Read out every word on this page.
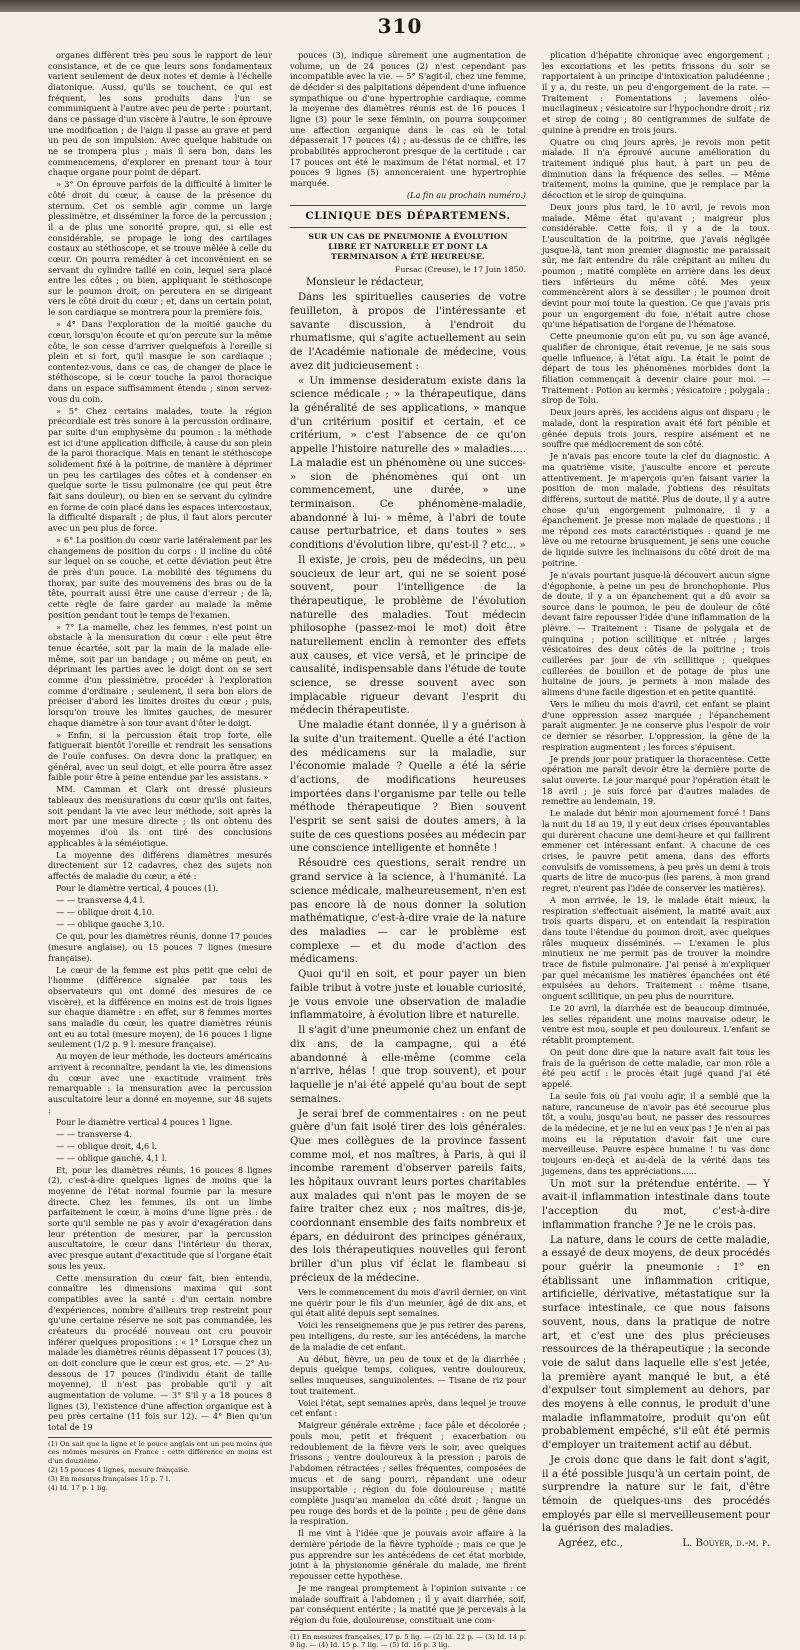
310

organes diffèrent très peu sous le rapport de leur consistance, et de ce que leurs sons fondamentaux varient seulement de deux notes et demie à l'échelle diatonique. Aussi, qu'ils se touchent, ce qui est fréquent, les sons produits dans l'un se communiquent à l'autre avec peu de perte : pourtant, dans ce passage d'un viscère à l'autre, le son éprouve une modification ; de l'aigu il passe au grave et perd un peu de son impulsion. Avec quelque habitude on ne se trompera plus ; mais il sera bon, dans les commencemens, d'explorer en prenant tour à tour chaque organe pour point de départ.

» 3° On éprouve parfois de la difficulté à limiter le côté droit du cœur, à cause de la présence du sternum. Cet os semble agir comme un large plessimètre, et disséminer la force de la percussion ; il a de plus une sonorité propre, qui, si elle est considérable, se propage le long des cartilages costaux au stéthoscope, et se trouve mêlée à celle du cœur. On pourra remédier à cet inconvénient en se servant du cylindre taillé en coin, lequel sera placé entre les côtes ; ou bien, appliquant le stéthoscope sur le poumon droit, on percutera en se dirigeant vers le côté droit du cœur ; et, dans un certain point, le son cardiaque se montrera pour la première fois.

» 4° Dans l'exploration de la moitié gauche du cœur, lorsqu'on écoute et qu'on percute sur la même côte, le son cesse d'arriver quelquefois à l'oreille si plein et si fort, qu'il masque le son cardiaque ; contentez-vous, dans ce cas, de changer de place le stéthoscope, si le cœur touche la paroi thoracique dans un espace suffisamment étendu ; sinon servez-vous du coin.

» 5° Chez certains malades, toute la région précordiale est très sonore à la percussion ordinaire, par suite d'un emphysème du poumon : la méthode est ici d'une application difficile, à cause du son plein de la paroi thoracique. Mais en tenant le stéthoscope solidement fixé à la poitrine, de manière à déprimer un peu les cartilages des côtes et à condenser en quelque sorte le tissu pulmonaire (ce qui peut être fait sans douleur), ou bien en se servant du cylindre en forme de coin placé dans les espaces intercostaux, la difficulté disparaît ; de plus, il faut alors percuter avec un peu plus de force.

» 6° La position du cœur varie latéralement par les changemens de position du corps : il incline du côté sur lequel on se couche, et cette déviation peut être de près d'un pouce. La mobilité des tégumens du thorax, par suite des mouvemens des bras ou de la tête, pourrait aussi être une cause d'erreur ; de là, cette règle de faire garder au malade la même position pendant tout le temps de l'examen.

» 7° La mamelle, chez les femmes, n'est point un obstacle à la mensuration du cœur : elle peut être tenue écartée, soit par la main de la malade elle-même, soit par un bandage ; ou même on peut, en déprimant les parties avec le doigt dont on se sert comme d'un plessimètre, procéder à l'exploration comme d'ordinaire ; seulement, il sera bon alors de préciser d'abord les limites droites du cœur ; puis, lorsqu'on trouve les limites gauches, de mesurer chaque diamètre à son tour avant d'ôter le doigt.

» Enfin, si la percussion était trop forte, elle fatiguerait bientôt l'oreille et rendrait les sensations de l'ouïe confuses. On devra donc la pratiquer, en général, avec un seul doigt, et elle pourra être assez faible pour être à peine entendue par les assistans. »

MM. Camman et Clark ont dressé plusieurs tableaux des mensurations du cœur qu'ils ont faites, soit pendant la vie avec leur méthode, soit après la mort par une mesure directe ; ils ont obtenu des moyennes d'où ils ont tiré des conclusions applicables à la séméiotique.

La moyenne des différens diamètres mesurés directement sur 12 cadavres, chez des sujets non affectés de maladie du cœur, a été :

Pour le diamètre vertical, 4 pouces (1).

— — transverse 4,4 l.

— — oblique droit 4,10.

— — oblique gauche 3,10.

Ce qui, pour les diamètres réunis, donne 17 pouces (mesure anglaise), ou 15 pouces 7 lignes (mesure française).

Le cœur de la femme est plus petit que celui de l'homme (différence signalée par tous les observateurs qui ont donné des mesures de ce viscère), et la différence en moins est de trois lignes sur chaque diamètre : en effet, sur 8 femmes mortes sans maladie du cœur, les quatre diamètres réunis ont eu au total (mesure moyen), de 16 pouces 1 ligne seulement (1/2 p. 9 l. mesure française).

Au moyen de leur méthode, les docteurs américains arrivent à reconnaître, pendant la vie, les dimensions du cœur avec une exactitude vraiment très remarquable : la mensuration avec la percussion auscultatoire leur a donné en moyenne, sur 48 sujets :

Pour le diamètre vertical 4 pouces 1 ligne.

— — transverse 4.

— — oblique droit, 4,6 l.

— — oblique gauche, 4,1 l.

Et, pour les diamètres réunis, 16 pouces 8 lignes (2), c'est-à-dire quelques lignes de moins que la moyenne de l'état normal fournie par la mesure directe. Chez les femmes, ils ont un limbe parfaitement le cœur, à moins d'une ligne près : de sorte qu'il semble ne pas y avoir d'exagération dans leur prétention de mesurer, par la percussion auscultatoire, le cœur dans l'intérieur du thorax, avec presque autant d'exactitude que si l'organe était sous les yeux.

Cette mensuration du cœur fait, bien entendu, connaître les dimensions maxima qui sont compatibles avec la santé : d'un certain nombre d'expériences, nombre d'ailleurs trop restreint pour qu'une certaine réserve ne soit pas commandée, les créateurs du procédé nouveau ont cru pouvoir inférer quelques propositions : « 1° Lorsque chez un malade les diamètres réunis dépassent 17 pouces (3), on doit conclure que le cœur est gros, etc. — 2° Au-dessous de 17 pouces (l'individu étant de taille moyenne), il n'est pas probable qu'il y ait augmentation de volume. — 3° S'il y a 18 pouces 8 lignes (3), l'existence d'une affection organique est à peu près certaine (11 fois sur 12). — 4° Bien qu'un total de 19

(1) On sait que la ligne et le pouce anglais ont un peu moins que ces mêmes mesures en France : cette différence en moins est d'un douzième.

(2) 15 pouces 4 lignes, mesure française.

(3) En mesures françaises 15 p. 7 l.

(4) Id. 17 p. 1 lig.

pouces (3), indique sûrement une augmentation de volume, un de 24 pouces (2) n'est cependant pas incompatible avec la vie. — 5° S'agit-il, chez une femme, de décider si des palpitations dépendent d'une influence sympathique ou d'une hypertrophie cardiaque, comme la moyenne des diamètres réunis est de 16 pouces 1 ligne (3) pour le sexe féminin, on pourra soupçonner une affection organique dans le cas où le total dépasserait 17 pouces (4) ; au-dessus de ce chiffre, les probabilités approcheront presque de la certitude ; car 17 pouces ont été le maximum de l'état normal, et 17 pouces 9 lignes (5) annonceraient une hypertrophie marquée.

(La fin au prochain numéro.)

CLINIQUE DES DÉPARTEMENS.
SUR UN CAS DE PNEUMONIE A ÉVOLUTION LIBRE ET NATURELLE ET DONT LA TERMINAISON A ÉTÉ HEUREUSE.

Fursac (Creuse), le 17 Juin 1850.

Monsieur le rédacteur,

Dans les spirituelles causeries de votre feuilleton, à propos de l'intéressante et savante discussion, à l'endroit du rhumatisme, qui s'agite actuellement au sein de l'Académie nationale de médecine, vous avez dit judicieusement :

« Un immense desideratum existe dans la science médicale ; » la thérapeutique, dans la généralité de ses applications, » manque d'un critérium positif et certain, et ce critérium, » c'est l'absence de ce qu'on appelle l'histoire naturelle des » maladies..... La maladie est un phénomène ou une succes- » sion de phénomènes qui ont un commencement, une durée, » une terminaison. Ce phénomène-maladie, abandonné à lui- » même, à l'abri de toute cause perturbatrice, et dans toutes » ses conditions d'évolution libre, qu'est-il ? etc... »

Il existe, je crois, peu de médecins, un peu soucieux de leur art, qui ne se soient posé souvent, pour l'intelligence de la thérapeutique, le problème de l'évolution naturelle des maladies. Tout médecin philosophe (passez-moi le mot) doit être naturellement enclin à remonter des effets aux causes, et vice versâ, et le principe de causalité, indispensable dans l'étude de toute science, se dresse souvent avec son implacable rigueur devant l'esprit du médecin thérapeutiste.

Une maladie étant donnée, il y a guérison à la suite d'un traitement. Quelle a été l'action des médicamens sur la maladie, sur l'économie malade ? Quelle a été la série d'actions, de modifications heureuses importées dans l'organisme par telle ou telle méthode thérapeutique ? Bien souvent l'esprit se sent saisi de doutes amers, à la suite de ces questions posées au médecin par une conscience intelligente et honnête !

Résoudre ces questions, serait rendre un grand service à la science, à l'humanité. La science médicale, malheureusement, n'en est pas encore là de nous donner la solution mathématique, c'est-à-dire vraie de la nature des maladies — car le problème est complexe — et du mode d'action des médicamens.

Quoi qu'il en soit, et pour payer un bien faible tribut à votre juste et louable curiosité, je vous envoie une observation de maladie inflammatoire, à évolution libre et naturelle.

Il s'agit d'une pneumonie chez un enfant de dix ans, de la campagne, qui a été abandonné à elle-même (comme cela n'arrive, hélas ! que trop souvent), et pour laquelle je n'ai été appelé qu'au bout de sept semaines.

Je serai bref de commentaires : on ne peut guère d'un fait isolé tirer des lois générales. Que mes collègues de la province fassent comme moi, et nos maîtres, à Paris, à qui il incombe rarement d'observer pareils faits, les hôpitaux ouvrant leurs portes charitables aux malades qui n'ont pas le moyen de se faire traiter chez eux ; nos maîtres, dis-je, coordonnant ensemble des faits nombreux et épars, en déduiront des principes généraux, des lois thérapeutiques nouvelles qui feront briller d'un plus vif éclat le flambeau si précieux de la médecine.

Vers le commencement du mois d'avril dernier, on vint me quérir pour le fils d'un meunier, âgé de dix ans, et qui était alité depuis sept semaines.

Voici les renseignemens que je pus retirer des parens, peu intelligens, du reste, sur les antécédens, la marche de la maladie de cet enfant.

Au début, fièvre, un peu de toux et de la diarrhée ; depuis quelque temps, coliques, ventre douloureux, selles muqueuses, sanguinolentes. — Tisane de riz pour tout traitement.

Voici l'état, sept semaines après, dans lequel je trouve cet enfant :

Maigreur générale extrême ; face pâle et décolorée ; pouls mou, petit et fréquent ; exacerbation ou redoublement de la fièvre vers le soir, avec quelques frissons ; ventre douloureux à la pression ; parois de l'abdomen rétractées ; selles fréquentes, composées de mucus et de sang pourri, répandant une odeur insupportable ; région du foie douloureuse ; matité complète jusqu'au mamelon du côté droit ; langue un peu rouge des bords et de la pointe ; peu de gêne dans la respiration.

Il me vint à l'idée que je pouvais avoir affaire à la dernière période de la fièvre typhoïde ; mais ce que je pus apprendre sur les antécédens de cet état morbide, joint à la physionomie générale du malade, me firent repousser cette hypothèse.

Je me rangeai promptement à l'opinion suivante : ce malade souffrait à l'abdomen ; il y avait diarrhée, soif, par conséquent entérite ; la matité que je percevais à la région du foie, douloureuse, constituait une com-

(1) En mesures françaises, 17 p. 5 lig. — (2) Id. 22 p. — (3) Id. 14 p. 9 lig. — (4) Id. 15 p. 7 lig. — (5) Id. 16 p. 3 lig.

plication d'hépatite chronique avec engorgement ; les excoriations et les petits frissons du soir se rapportaient à un principe d'intoxication paludéenne ; il y a, du reste, un peu d'engorgement de la rate. — Traitement : Fomentations ; lavemens oléo-mucilagineux ; vésicatoire sur l'hypochondre droit ; riz et sirop de coing ; 80 centigrammes de sulfate de quinine à prendre en trois jours.

Quatre ou cinq jours après, je revois mon petit malade. Il n'a éprouvé aucune amélioration du traitement indiqué plus haut, à part un peu de diminution dans la fréquence des selles. — Même traitement, moins la quinine, que je remplace par la décoction et le sirop de quinquina.

Deux jours plus tard, le 10 avril, je revois mon malade. Même état qu'avant ; maigreur plus considérable. Cette fois, il y a de la toux. L'auscultation de la poitrine, que j'avais négligée jusque-là, tant mon premier diagnostic me paraissait sûr, me fait entendre du râle crépitant au milieu du poumon ; matité complète en arrière dans les deux tiers inférieurs du même côté. Mes yeux commencèrent alors à se dessiller ; le poumon droit devint pour moi toute la question. Ce que j'avais pris pour un engorgement du foie, n'était autre chose qu'une hépatisation de l'organe de l'hématose.

Cette pneumonie qu'on eût pu, vu son âge avancé, qualifier de chronique, était revenue, je ne sais sous quelle influence, à l'état aigu. La était le point de départ de tous les phénomènes morbides dont la filiation commençait à devenir claire pour moi. — Traitement : Potion au kermès ; vésicatoire ; polygala ; sirop de Tolu.

Deux jours après, les accidens aigus ont disparu ; le malade, dont la respiration avait été fort pénible et gênée depuis trois jours, respire aisément et ne souffre que médiocrement de son côté.

Je n'avais pas encore toute la clef du diagnostic. A ma quatrième visite, j'ausculte encore et percute attentivement. Je m'aperçois qu'en faisant varier la position de mon malade, j'obtiens des résultats différens, surtout de matité. Plus de doute, il y a autre chose qu'un engorgement pulmonaire, il y a épanchement. Je presse mon malade de questions ; il me répond ces mots caractéristiques : quand je me lève ou me retourne brusquement, je sens une couche de liquide suivre les inclinaisons du côté droit de ma poitrine.

Je n'avais pourtant jusque-là découvert aucun signe d'égophonie, à peine un peu de bronchophonie. Plus de doute, il y a un épanchement qui a dû avoir sa source dans le poumon, le peu de douleur de côté devant faire repousser l'idée d'une inflammation de la plèvre. — Traitement : Tisane de polygala et de quinquina ; potion scillitique et nitrée ; larges vésicatoires des deux côtés de la poitrine ; trois cuillerées par jour de vin scillitique ; quelques cuillerées de bouillon et de potage de plus une huitaine de jours, je permets à mon malade des alimens d'une facile digestion et en petite quantité.

Vers le milieu du mois d'avril, cet enfant se plaint d'une oppression assez marquée ; l'épanchement paraît augmenter. Je ne conserve plus l'espoir de voir ce dernier se résorber. L'oppression, la gêne de la respiration augmentent ; les forces s'épuisent.

Je prends jour pour pratiquer la thoracentèse. Cette opération me paraît devoir être la dernière porte de salut ouverte. Le jour marqué pour l'opération était le 18 avril ; je suis forcé par d'autres malades de remettre au lendemain, 19.

Le malade dut bénir mon ajournement forcé ! Dans la nuit du 18 au 19, il y eut deux crises épouvantables qui durèrent chacune une demi-heure et qui faillirent emmener cet intéressant enfant. A chacune de ces crises, le pauvre petit amena, dans des efforts convulsifs de vomissemens, à peu près un demi à trois quarts de litre de muco-pus (les parens, à mon grand regret, n'eurent pas l'idée de conserver les matières).

A mon arrivée, le 19, le malade était mieux, la respiration s'effectuait aisément, la matité avait aux trois quarts disparu, et on entendait la respiration dans toute l'étendue du poumon droit, avec quelques râles muqueux disséminés. — L'examen le plus minutieux ne me permit pas de trouver la moindre trace de fistule pulmonaire. J'ai pensé à m'expliquer par quel mécanisme les matières épanchées ont été expulsées au dehors. Traitement : même tisane, onguent scillitique, un peu plus de nourriture.

Le 20 avril, la diarrhée est de beaucoup diminuée, les selles répandent une moins mauvaise odeur, le ventre est mou, souple et peu douloureux. L'enfant se rétablit promptement.

On peut donc dire que la nature avait fait tous les frais de la guérison de cette maladie, car mon rôle a été peu actif : le procès était jugé quand j'ai été appelé.

La seule fois où j'ai voulu agir, il a semblé que la nature, rancuneuse de n'avoir pas été secourue plus tôt, a voulu, jusqu'au bout, ne passer des ressources de la médecine, et je ne lui en veux pas ! Je n'en ai pas moins eu la réputation d'avoir fait une cure merveilleuse. Pauvre espèce humaine ! tu vas donc toujours en-deçà et au-delà de la vérité dans tes jugemens, dans tes appréciations......

Un mot sur la prétendue entérite. — Y avait-il inflammation intestinale dans toute l'acception du mot, c'est-à-dire inflammation franche ? Je ne le crois pas.

La nature, dans le cours de cette maladie, a essayé de deux moyens, de deux procédés pour guérir la pneumonie : 1° en établissant une inflammation critique, artificielle, dérivative, métastatique sur la surface intestinale, ce que nous faisons souvent, nous, dans la pratique de notre art, et c'est une des plus précieuses ressources de la thérapeutique ; la seconde voie de salut dans laquelle elle s'est jetée, la première ayant manqué le but, a été d'expulser tout simplement au dehors, par des moyens à elle connus, le produit d'une maladie inflammatoire, produit qu'on eût probablement empêché, s'il eût été permis d'employer un traitement actif au début.

Je crois donc que dans le fait dont s'agit, il a été possible jusqu'à un certain point, de surprendre la nature sur le fait, d'être témoin de quelques-uns des procédés employés par elle si merveilleusement pour la guérison des maladies.

Agréez, etc.,	L. Bouyer, d.-m. p.
